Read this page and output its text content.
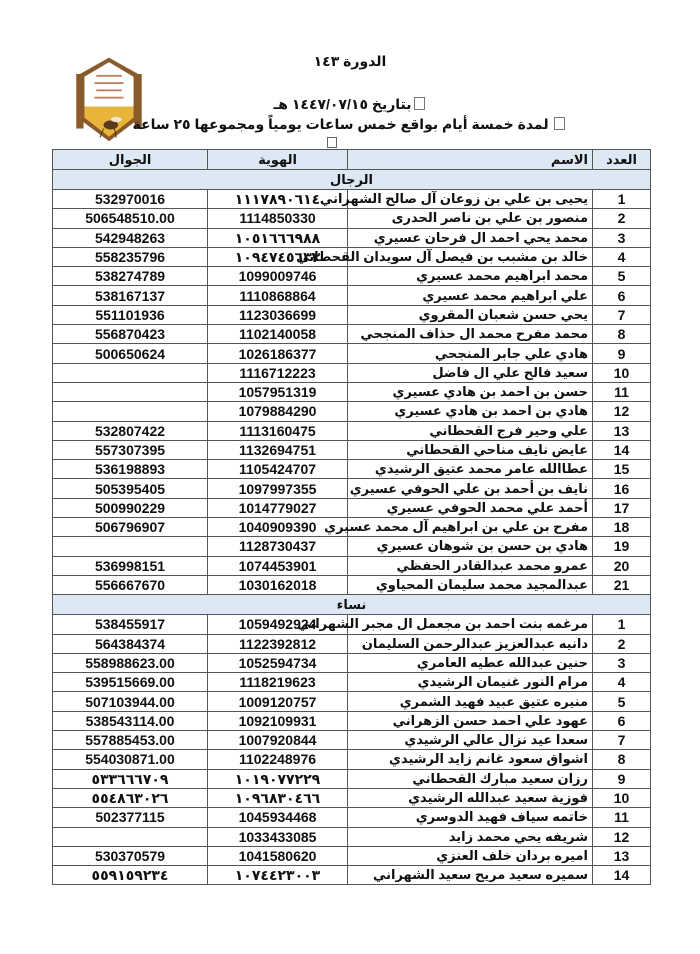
الدورة ١٤٣
بتاريخ ١٤٤٧/٠٧/١٥ هـ
لمدة خمسة أيام بواقع خمس ساعات يومياً ومجموعها ٢٥ ساعة
العدد	الاسم	الهوية	الجوال
الرجال			
1	يحيى بن علي بن زوعان آل صالح الشهراني	١١١٧٨٩٠٦١٤	532970016
2	منصور بن علي بن ناصر الحدرى	1114850330	506548510.00
3	محمد يحي احمد ال فرحان عسيري	١٠٥١٦٦٦٩٨٨	542948263
4	خالد بن مشبب بن فيصل آل سويدان القحطاني	١٠٩٤٧٤٥٦٣٣	558235796
5	محمد ابراهيم محمد عسيري	1099009746	538274789
6	علي ابراهيم محمد عسيري	1110868864	538167137
7	يحي حسن شعبان المقروي	1123036699	551101936
8	محمد مفرح محمد ال حذاف المنجحي	1102140058	556870423
9	هادي علي جابر المنجحي	1026186377	500650624
10	سعيد فالح علي ال فاضل	1116712223	
11	حسن بن احمد بن هادي عسيري	1057951319	
12	هادي بن احمد بن هادي عسيري	1079884290	
13	علي وحير فرج القحطاني	1113160475	532807422
14	عايض نايف مناحي القحطاني	1132694751	557307395
15	عطاالله عامر محمد عتيق الرشيدي	1105424707	536198893
16	نايف بن أحمد بن علي الحوفي عسيري	1097997355	505395405
17	أحمد علي محمد الحوفي عسيري	1014779027	500990229
18	مفرح بن علي بن ابراهيم آل محمد عسيري	1040909390	506796907
19	هادي بن حسن بن شوهان عسيري	1128730437	
20	عمرو محمد عبدالقادر الحفظي	1074453901	536998151
21	عبدالمجيد محمد سليمان المحياوي	1030162018	556667670
نساء			
1	مرغمه بنت احمد بن مجعمل ال مجبر الشهراني	1059492924	538455917
2	دانيه عبدالعزيز عبدالرحمن السليمان	1122392812	564384374
3	حنين عبدالله عطيه العامري	1052594734	558988623.00
4	مرام النور غنيمان الرشيدي	1118219623	539515669.00
5	منيره عتيق عبيد فهيد الشمري	1009120757	507103944.00
6	عهود علي احمد حسن الزهراني	1092109931	538543114.00
7	سعدا عيد نزال عالي الرشيدي	1007920844	557885453.00
8	اشواق سعود غانم زايد الرشيدي	1102248976	554030871.00
9	رزان سعيد مبارك القحطاني	١٠١٩٠٧٧٢٢٩	٥٣٣٦٦٦٧٠٩
10	فوزية سعيد عبدالله الرشيدي	١٠٩٦٨٣٠٤٦٦	٥٥٤٨٦٣٠٢٦
11	خاتمه سياف فهيد الدوسري	1045934468	502377115
12	شريفه يحي محمد زايد	1033433085	
13	اميره بردان خلف العنزي	1041580620	530370579
14	سميره سعيد مريح سعيد الشهراني	١٠٧٤٤٢٣٠٠٣	٥٥٩١٥٩٢٣٤
